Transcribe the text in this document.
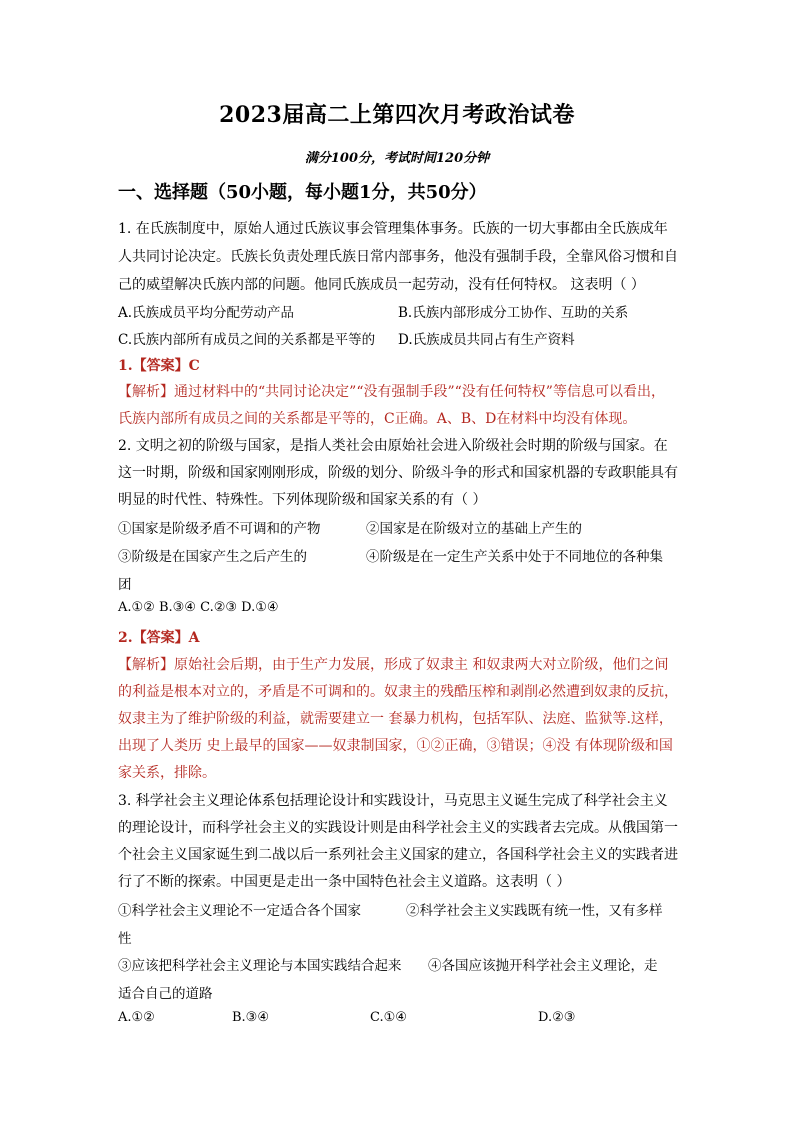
2023届高二上第四次月考政治试卷
满分100分，考试时间120分钟
一、选择题（50小题，每小题1分，共50分）
1. 在氏族制度中，原始人通过氏族议事会管理集体事务。氏族的一切大事都由全氏族成年
人共同讨论决定。氏族长负责处理氏族日常内部事务，他没有强制手段，全靠风俗习惯和自
己的威望解决氏族内部的问题。他同氏族成员一起劳动，没有任何特权。 这表明（ ）
A.氏族成员平均分配劳动产品	B.氏族内部形成分工协作、互助的关系
C.氏族内部所有成员之间的关系都是平等的 D.氏族成员共同占有生产资料
1.【答案】C
【解析】通过材料中的“共同讨论决定”“没有强制手段”“没有任何特权”等信息可以看出，
氏族内部所有成员之间的关系都是平等的，C正确。A、B、D在材料中均没有体现。
2. 文明之初的阶级与国家，是指人类社会由原始社会进入阶级社会时期的阶级与国家。在
这一时期，阶级和国家刚刚形成，阶级的划分、阶级斗争的形式和国家机器的专政职能具有
明显的时代性、特殊性。下列体现阶级和国家关系的有（ ）
①国家是阶级矛盾不可调和的产物	②国家是在阶级对立的基础上产生的
③阶级是在国家产生之后产生的	④阶级是在一定生产关系中处于不同地位的各种集
团
A.①② B.③④ C.②③ D.①④
2.【答案】A
【解析】原始社会后期，由于生产力发展，形成了奴隶主 和奴隶两大对立阶级，他们之间
的利益是根本对立的，矛盾是不可调和的。奴隶主的残酷压榨和剥削必然遭到奴隶的反抗，
奴隶主为了维护阶级的利益，就需要建立一 套暴力机构，包括军队、法庭、监狱等.这样，
出现了人类历 史上最早的国家——奴隶制国家，①②正确，③错误；④没 有体现阶级和国
家关系，排除。
3. 科学社会主义理论体系包括理论设计和实践设计，马克思主义诞生完成了科学社会主义
的理论设计，而科学社会主义的实践设计则是由科学社会主义的实践者去完成。从俄国第一
个社会主义国家诞生到二战以后一系列社会主义国家的建立，各国科学社会主义的实践者进
行了不断的探索。中国更是走出一条中国特色社会主义道路。这表明（ ）
①科学社会主义理论不一定适合各个国家	②科学社会主义实践既有统一性，又有多样
性
③应该把科学社会主义理论与本国实践结合起来 ④各国应该抛开科学社会主义理论，走
适合自己的道路
A.①②	B.③④	C.①④	D.②③
